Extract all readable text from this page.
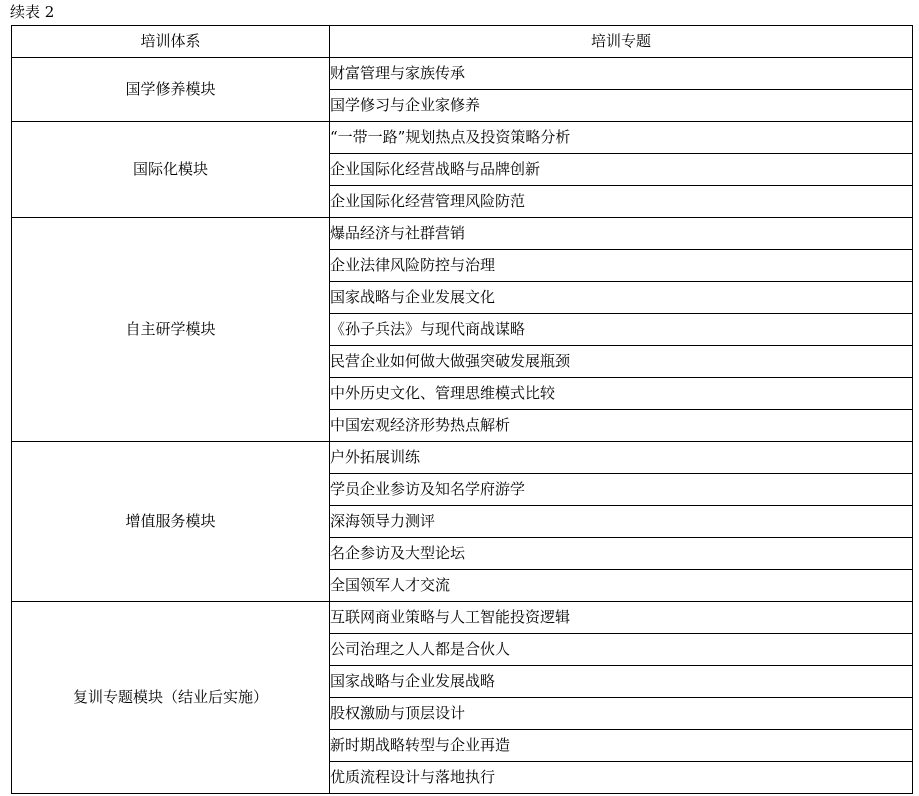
续表 2
培训体系	培训专题
国学修养模块	财富管理与家族传承
	国学修习与企业家修养
国际化模块	“一带一路”规划热点及投资策略分析
	企业国际化经营战略与品牌创新
	企业国际化经营管理风险防范
自主研学模块	爆品经济与社群营销
	企业法律风险防控与治理
	国家战略与企业发展文化
	《孙子兵法》与现代商战谋略
	民营企业如何做大做强突破发展瓶颈
	中外历史文化、管理思维模式比较
	中国宏观经济形势热点解析
增值服务模块	户外拓展训练
	学员企业参访及知名学府游学
	深海领导力测评
	名企参访及大型论坛
	全国领军人才交流
复训专题模块（结业后实施）	互联网商业策略与人工智能投资逻辑
	公司治理之人人都是合伙人
	国家战略与企业发展战略
	股权激励与顶层设计
	新时期战略转型与企业再造
	优质流程设计与落地执行
